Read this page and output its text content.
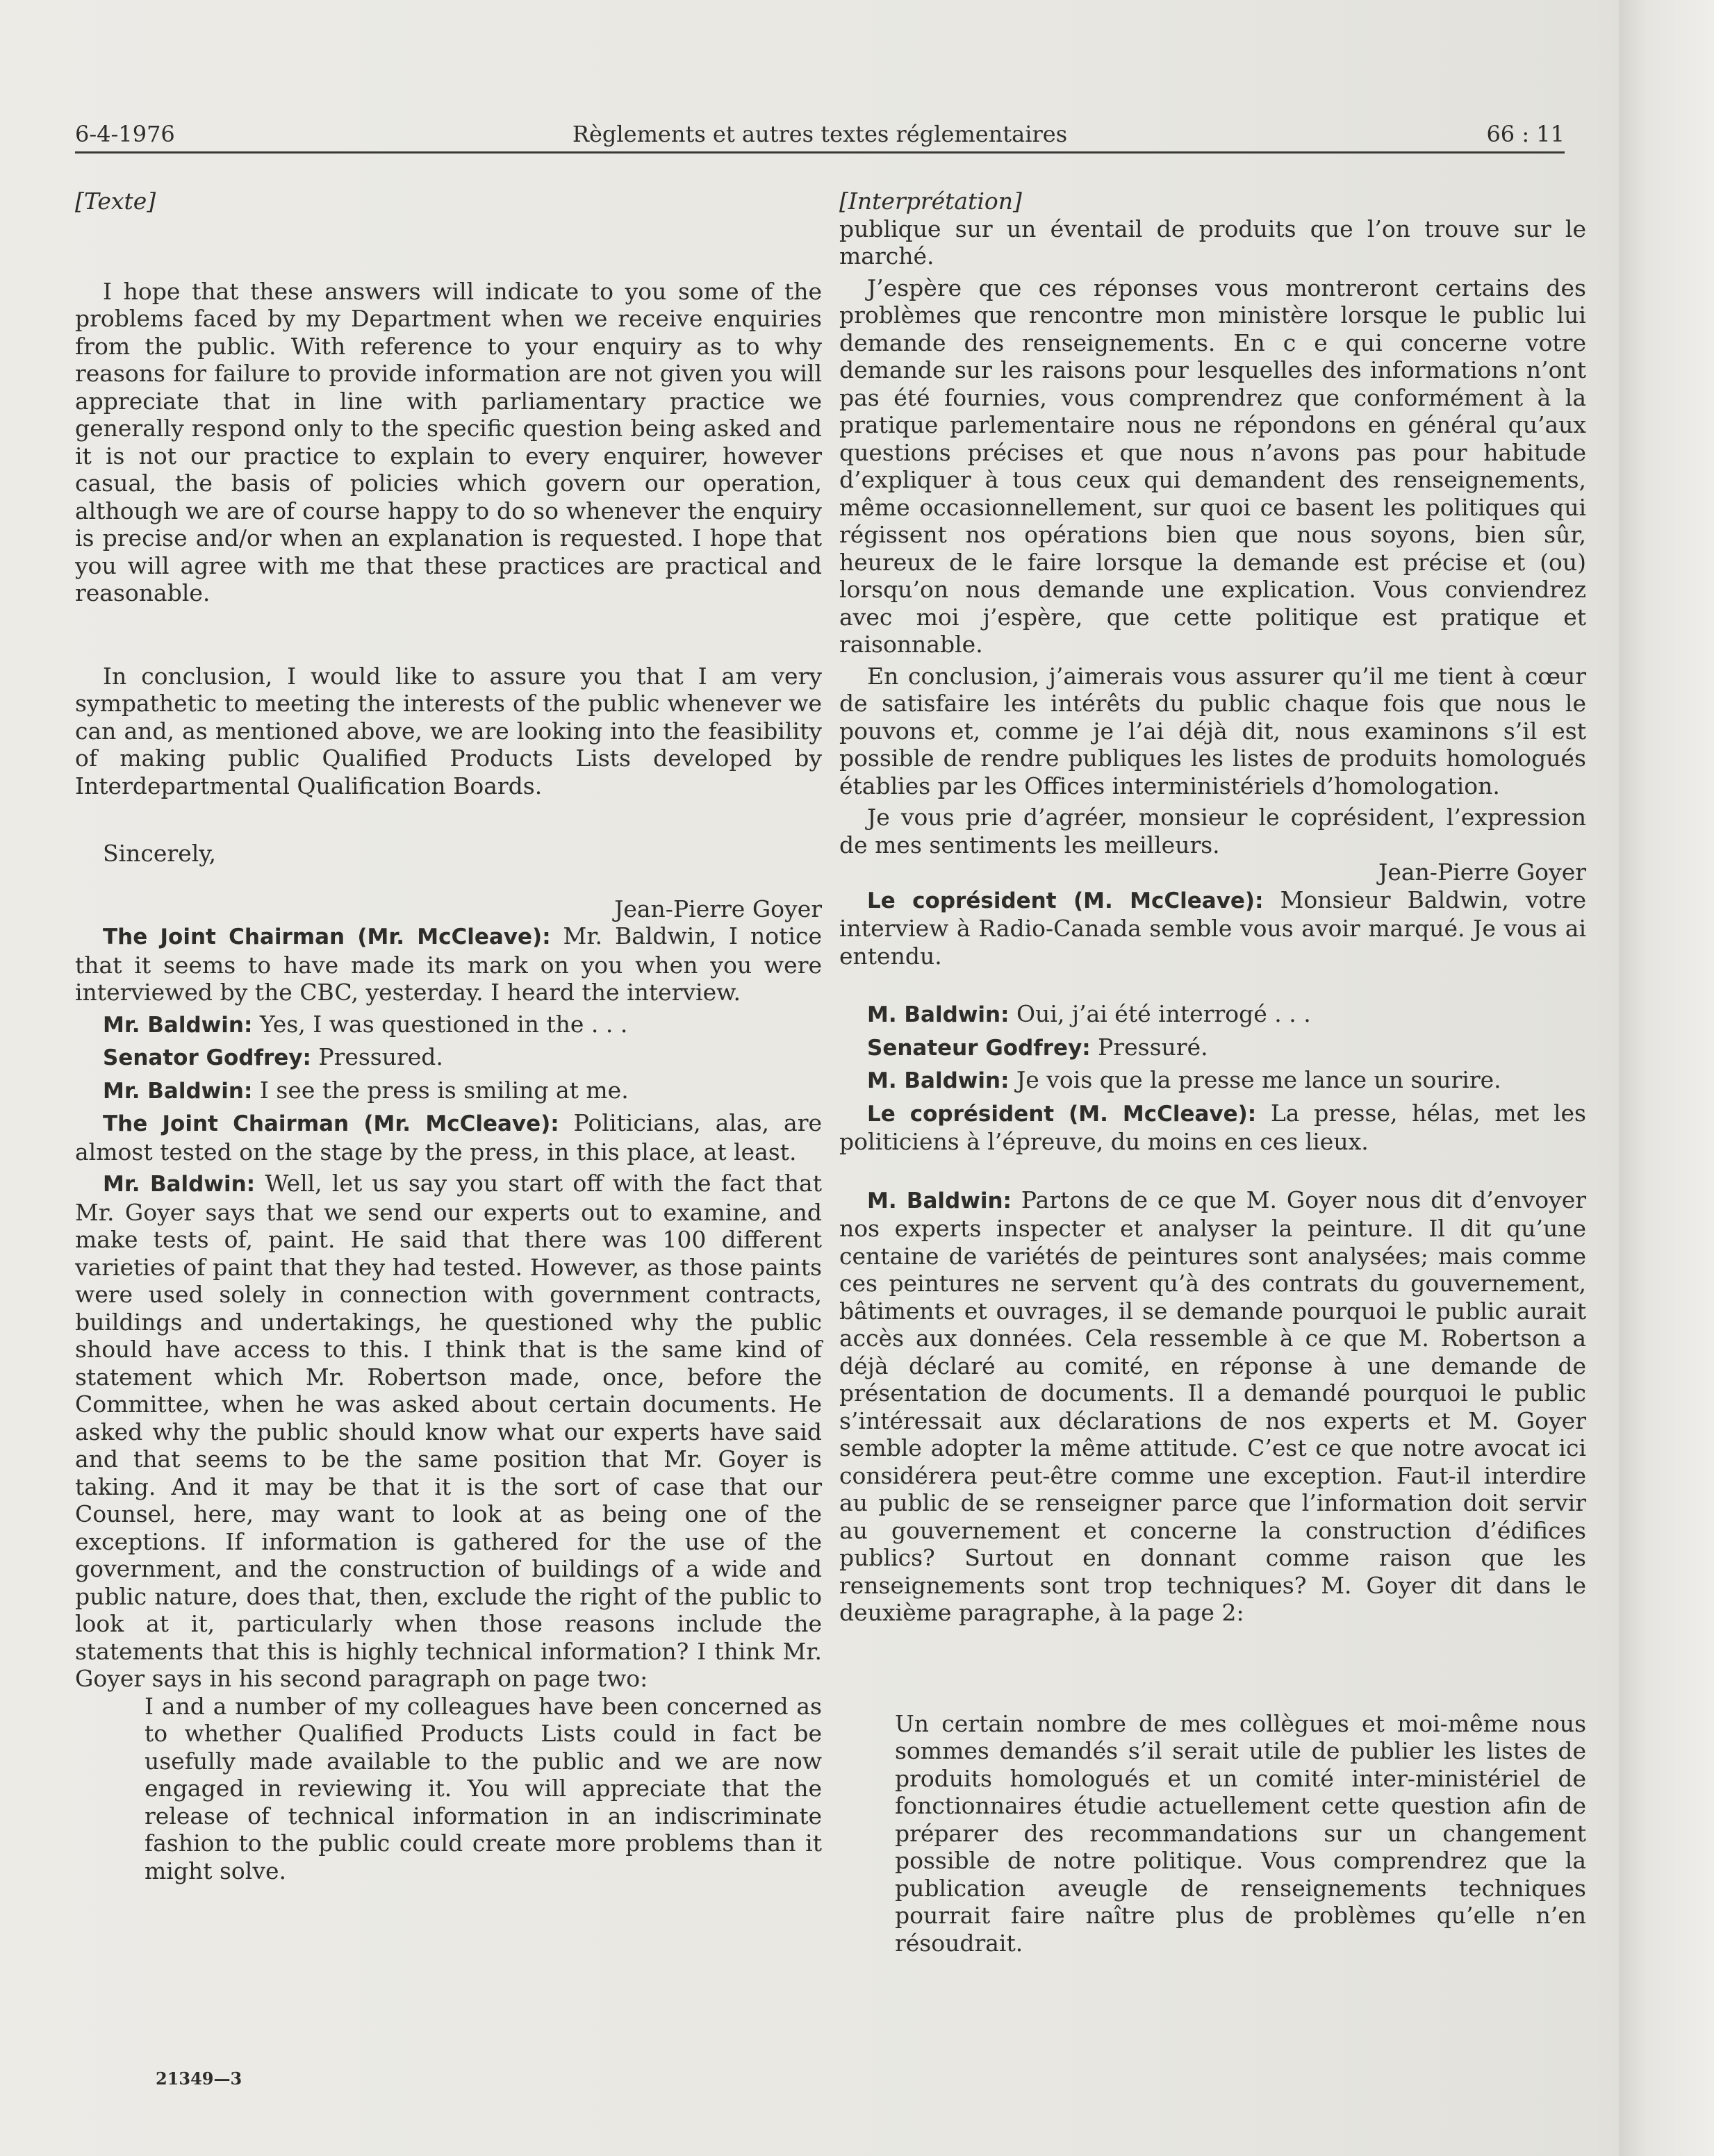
6-4-1976	Règlements et autres textes réglementaires	66 : 11

[Texte]

I hope that these answers will indicate to you some of the problems faced by my Department when we receive enquiries from the public. With reference to your enquiry as to why reasons for failure to provide information are not given you will appreciate that in line with parliamentary practice we generally respond only to the specific question being asked and it is not our practice to explain to every enquirer, however casual, the basis of policies which govern our operation, although we are of course happy to do so whenever the enquiry is precise and/or when an explanation is requested. I hope that you will agree with me that these practices are practical and reasonable.

In conclusion, I would like to assure you that I am very sympathetic to meeting the interests of the public whenever we can and, as mentioned above, we are looking into the feasibility of making public Qualified Products Lists developed by Interdepartmental Qualification Boards.

Sincerely,

Jean-Pierre Goyer

The Joint Chairman (Mr. McCleave): Mr. Baldwin, I notice that it seems to have made its mark on you when you were interviewed by the CBC, yesterday. I heard the interview.

Mr. Baldwin: Yes, I was questioned in the . . .

Senator Godfrey: Pressured.

Mr. Baldwin: I see the press is smiling at me.

The Joint Chairman (Mr. McCleave): Politicians, alas, are almost tested on the stage by the press, in this place, at least.

Mr. Baldwin: Well, let us say you start off with the fact that Mr. Goyer says that we send our experts out to examine, and make tests of, paint. He said that there was 100 different varieties of paint that they had tested. However, as those paints were used solely in connection with government contracts, buildings and undertakings, he questioned why the public should have access to this. I think that is the same kind of statement which Mr. Robertson made, once, before the Committee, when he was asked about certain documents. He asked why the public should know what our experts have said and that seems to be the same position that Mr. Goyer is taking. And it may be that it is the sort of case that our Counsel, here, may want to look at as being one of the exceptions. If information is gathered for the use of the government, and the construction of buildings of a wide and public nature, does that, then, exclude the right of the public to look at it, particularly when those reasons include the statements that this is highly technical information? I think Mr. Goyer says in his second paragraph on page two:

I and a number of my colleagues have been concerned as to whether Qualified Products Lists could in fact be usefully made available to the public and we are now engaged in reviewing it. You will appreciate that the release of technical information in an indiscriminate fashion to the public could create more problems than it might solve.

[Interprétation]

publique sur un éventail de produits que l’on trouve sur le marché.

J’espère que ces réponses vous montreront certains des problèmes que rencontre mon ministère lorsque le public lui demande des renseignements. En c e qui concerne votre demande sur les raisons pour lesquelles des informations n’ont pas été fournies, vous comprendrez que conformément à la pratique parlementaire nous ne répondons en général qu’aux questions précises et que nous n’avons pas pour habitude d’expliquer à tous ceux qui demandent des renseignements, même occasionnellement, sur quoi ce basent les politiques qui régissent nos opérations bien que nous soyons, bien sûr, heureux de le faire lorsque la demande est précise et (ou) lorsqu’on nous demande une explication. Vous conviendrez avec moi j’espère, que cette politique est pratique et raisonnable.

En conclusion, j’aimerais vous assurer qu’il me tient à cœur de satisfaire les intérêts du public chaque fois que nous le pouvons et, comme je l’ai déjà dit, nous examinons s’il est possible de rendre publiques les listes de produits homologués établies par les Offices interministériels d’homologation.

Je vous prie d’agréer, monsieur le coprésident, l’expression de mes sentiments les meilleurs.

Jean-Pierre Goyer

Le coprésident (M. McCleave): Monsieur Baldwin, votre interview à Radio-Canada semble vous avoir marqué. Je vous ai entendu.

M. Baldwin: Oui, j’ai été interrogé . . .

Senateur Godfrey: Pressuré.

M. Baldwin: Je vois que la presse me lance un sourire.

Le coprésident (M. McCleave): La presse, hélas, met les politiciens à l’épreuve, du moins en ces lieux.

M. Baldwin: Partons de ce que M. Goyer nous dit d’envoyer nos experts inspecter et analyser la peinture. Il dit qu’une centaine de variétés de peintures sont analysées; mais comme ces peintures ne servent qu’à des contrats du gouvernement, bâtiments et ouvrages, il se demande pourquoi le public aurait accès aux données. Cela ressemble à ce que M. Robertson a déjà déclaré au comité, en réponse à une demande de présentation de documents. Il a demandé pourquoi le public s’intéressait aux déclarations de nos experts et M. Goyer semble adopter la même attitude. C’est ce que notre avocat ici considérera peut-être comme une exception. Faut-il interdire au public de se renseigner parce que l’information doit servir au gouvernement et concerne la construction d’édifices publics? Surtout en donnant comme raison que les renseignements sont trop techniques? M. Goyer dit dans le deuxième paragraphe, à la page 2:

Un certain nombre de mes collègues et moi-même nous sommes demandés s’il serait utile de publier les listes de produits homologués et un comité inter-ministériel de fonctionnaires étudie actuellement cette question afin de préparer des recommandations sur un changement possible de notre politique. Vous comprendrez que la publication aveugle de renseignements techniques pourrait faire naître plus de problèmes qu’elle n’en résoudrait.

21349—3
